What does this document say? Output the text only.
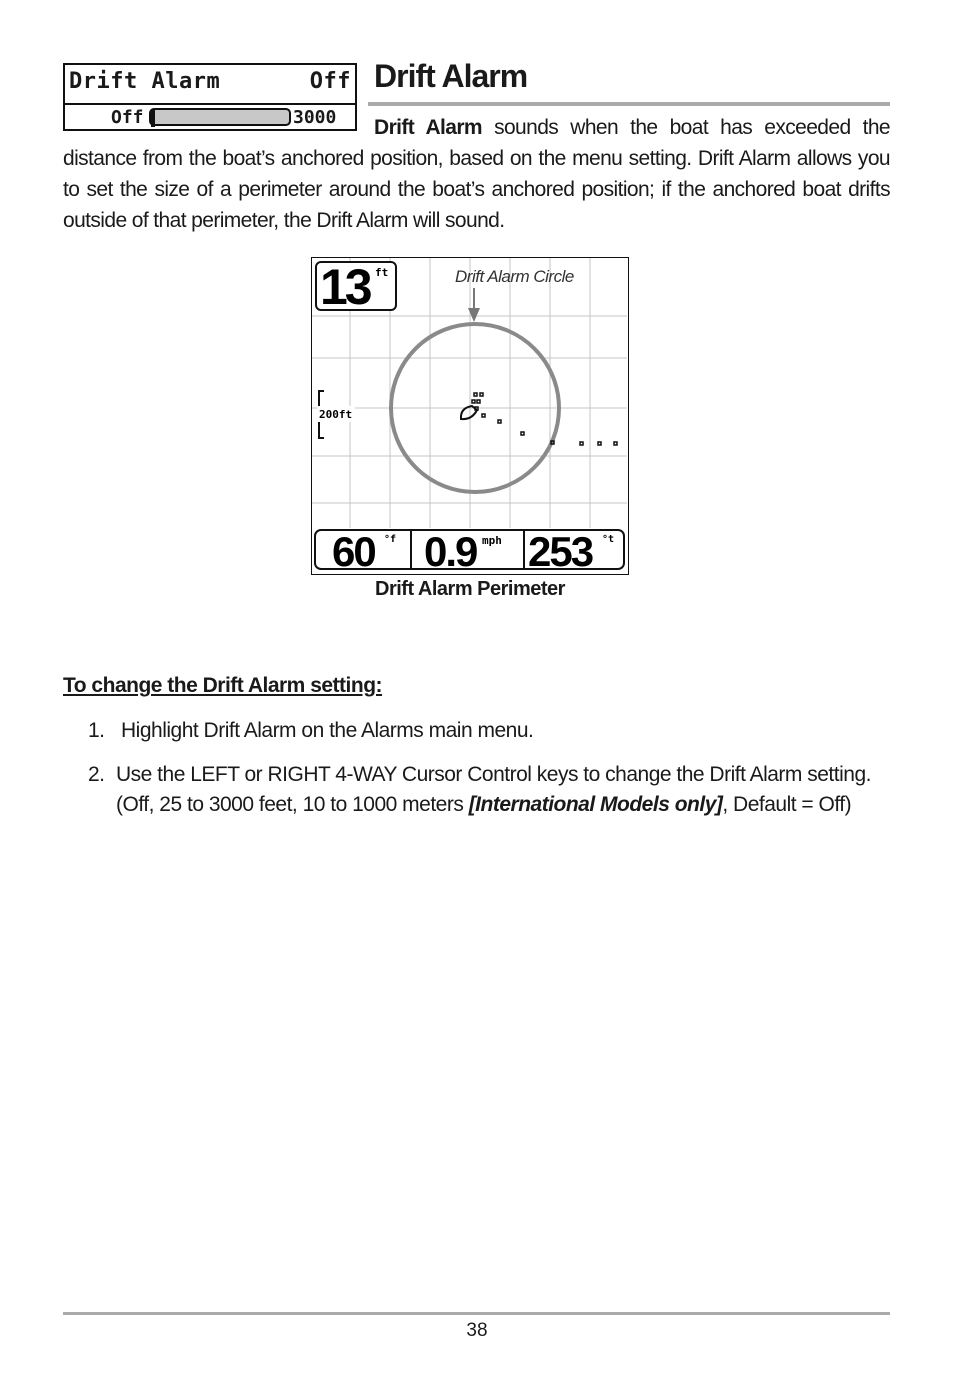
Drift Alarm	Off
Off	3000
Drift Alarm
Drift Alarm sounds when the boat has exceeded the
distance from the boat’s anchored position, based on the menu setting. Drift Alarm allows you to set the size of a perimeter around the boat’s anchored position; if the anchored boat drifts outside of that perimeter, the Drift Alarm will sound.
13 ft	Drift Alarm Circle
200ft
60 °f 0.9 mph 253 °t
Drift Alarm Perimeter
To change the Drift Alarm setting:
1. Highlight Drift Alarm on the Alarms main menu.
2. Use the LEFT or RIGHT 4-WAY Cursor Control keys to change the Drift Alarm setting. (Off, 25 to 3000 feet, 10 to 1000 meters [International Models only], Default = Off)
38
